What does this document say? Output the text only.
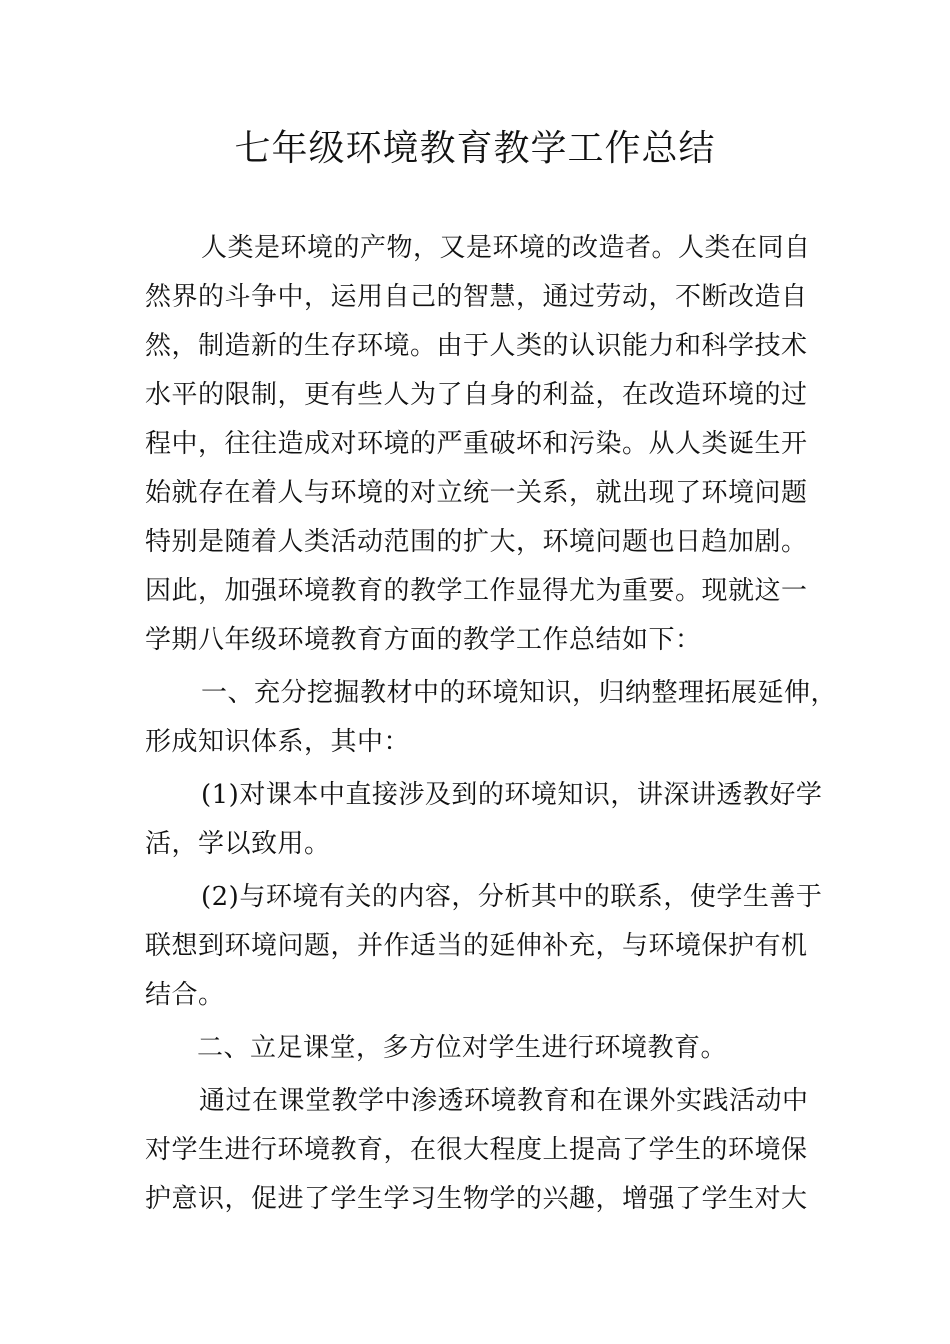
七年级环境教育教学工作总结
人类是环境的产物，又是环境的改造者。人类在同自
然界的斗争中，运用自己的智慧，通过劳动，不断改造自
然，制造新的生存环境。由于人类的认识能力和科学技术
水平的限制，更有些人为了自身的利益，在改造环境的过
程中，往往造成对环境的严重破坏和污染。从人类诞生开
始就存在着人与环境的对立统一关系，就出现了环境问题
特别是随着人类活动范围的扩大，环境问题也日趋加剧。
因此，加强环境教育的教学工作显得尤为重要。现就这一
学期八年级环境教育方面的教学工作总结如下：
一、充分挖掘教材中的环境知识，归纳整理拓展延伸，
形成知识体系，其中：
(1)对课本中直接涉及到的环境知识，讲深讲透教好学
活，学以致用。
(2)与环境有关的内容，分析其中的联系，使学生善于
联想到环境问题，并作适当的延伸补充，与环境保护有机
结合。
二、立足课堂，多方位对学生进行环境教育。
通过在课堂教学中渗透环境教育和在课外实践活动中
对学生进行环境教育，在很大程度上提高了学生的环境保
护意识，促进了学生学习生物学的兴趣，增强了学生对大
